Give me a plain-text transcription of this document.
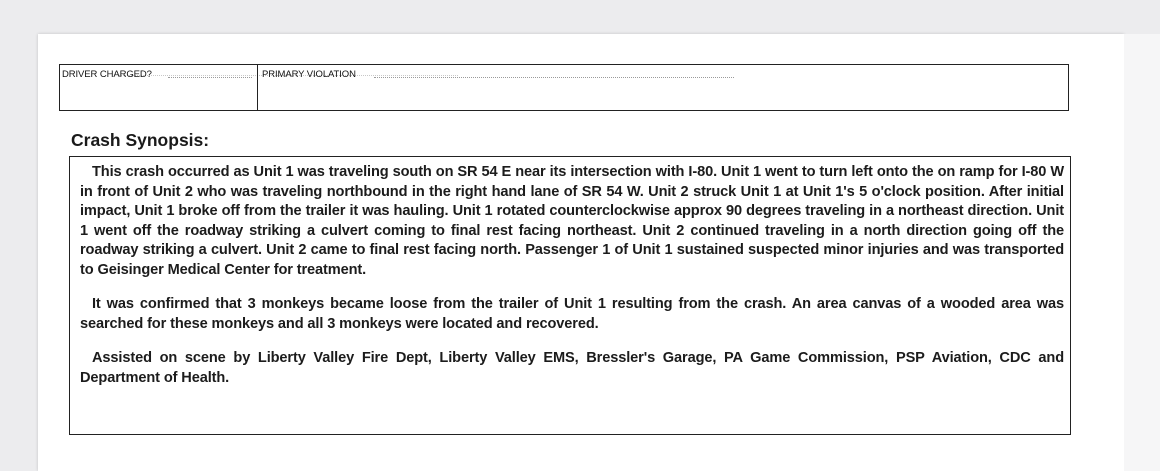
DRIVER CHARGED?	PRIMARY VIOLATION
Crash Synopsis:

This crash occurred as Unit 1 was traveling south on SR 54 E near its intersection with I-80. Unit 1 went to turn left onto the on ramp for I-80 W in front of Unit 2 who was traveling northbound in the right hand lane of SR 54 W. Unit 2 struck Unit 1 at Unit 1's 5 o'clock position. After initial impact, Unit 1 broke off from the trailer it was hauling. Unit 1 rotated counterclockwise approx 90 degrees traveling in a northeast direction. Unit 1 went off the roadway striking a culvert coming to final rest facing northeast. Unit 2 continued traveling in a north direction going off the roadway striking a culvert. Unit 2 came to final rest facing north. Passenger 1 of Unit 1 sustained suspected minor injuries and was transported to Geisinger Medical Center for treatment.

It was confirmed that 3 monkeys became loose from the trailer of Unit 1 resulting from the crash. An area canvas of a wooded area was searched for these monkeys and all 3 monkeys were located and recovered.

Assisted on scene by Liberty Valley Fire Dept, Liberty Valley EMS, Bressler's Garage, PA Game Commission, PSP Aviation, CDC and Department of Health.
